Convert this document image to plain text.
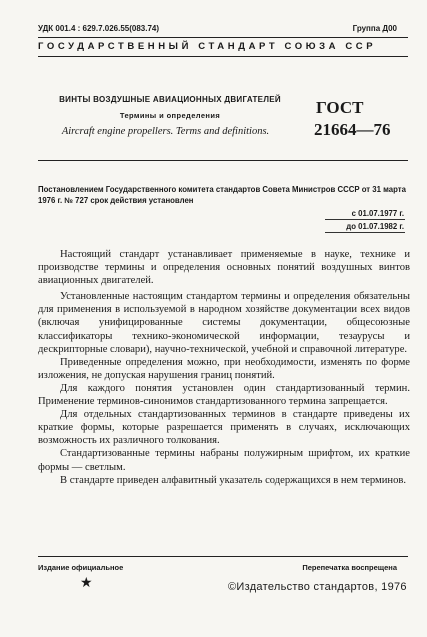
УДК 001.4 : 629.7.026.55(083.74)	Группа Д00
ГОСУДАРСТВЕННЫЙ СТАНДАРТ СОЮЗА ССР
ВИНТЫ ВОЗДУШНЫЕ АВИАЦИОННЫХ ДВИГАТЕЛЕЙ
Термины и определения
Aircraft engine propellers. Terms and definitions.
ГОСТ
21664—76
Постановлением Государственного комитета стандартов Совета Министров СССР от 31 марта 1976 г. № 727 срок действия установлен
с 01.07.1977 г.
до 01.07.1982 г.

Настоящий стандарт устанавливает применяемые в науке, технике и производстве термины и определения основных понятий воздушных винтов авиационных двигателей.

Установленные настоящим стандартом термины и определения обязательны для применения в используемой в народном хозяйстве документации всех видов (включая унифицированные системы документации, общесоюзные классификаторы технико-экономической информации, тезаурусы и дескрипторные словари), научно-технической, учебной и справочной литературе.

Приведенные определения можно, при необходимости, изменять по форме изложения, не допуская нарушения границ понятий.

Для каждого понятия установлен один стандартизованный термин. Применение терминов-синонимов стандартизованного термина запрещается.

Для отдельных стандартизованных терминов в стандарте приведены их краткие формы, которые разрешается применять в случаях, исключающих возможность их различного толкования.

Стандартизованные термины набраны полужирным шрифтом, их краткие формы — светлым.

В стандарте приведен алфавитный указатель содержащихся в нем терминов.

Издание официальное	Перепечатка воспрещена
★	©Издательство стандартов, 1976
